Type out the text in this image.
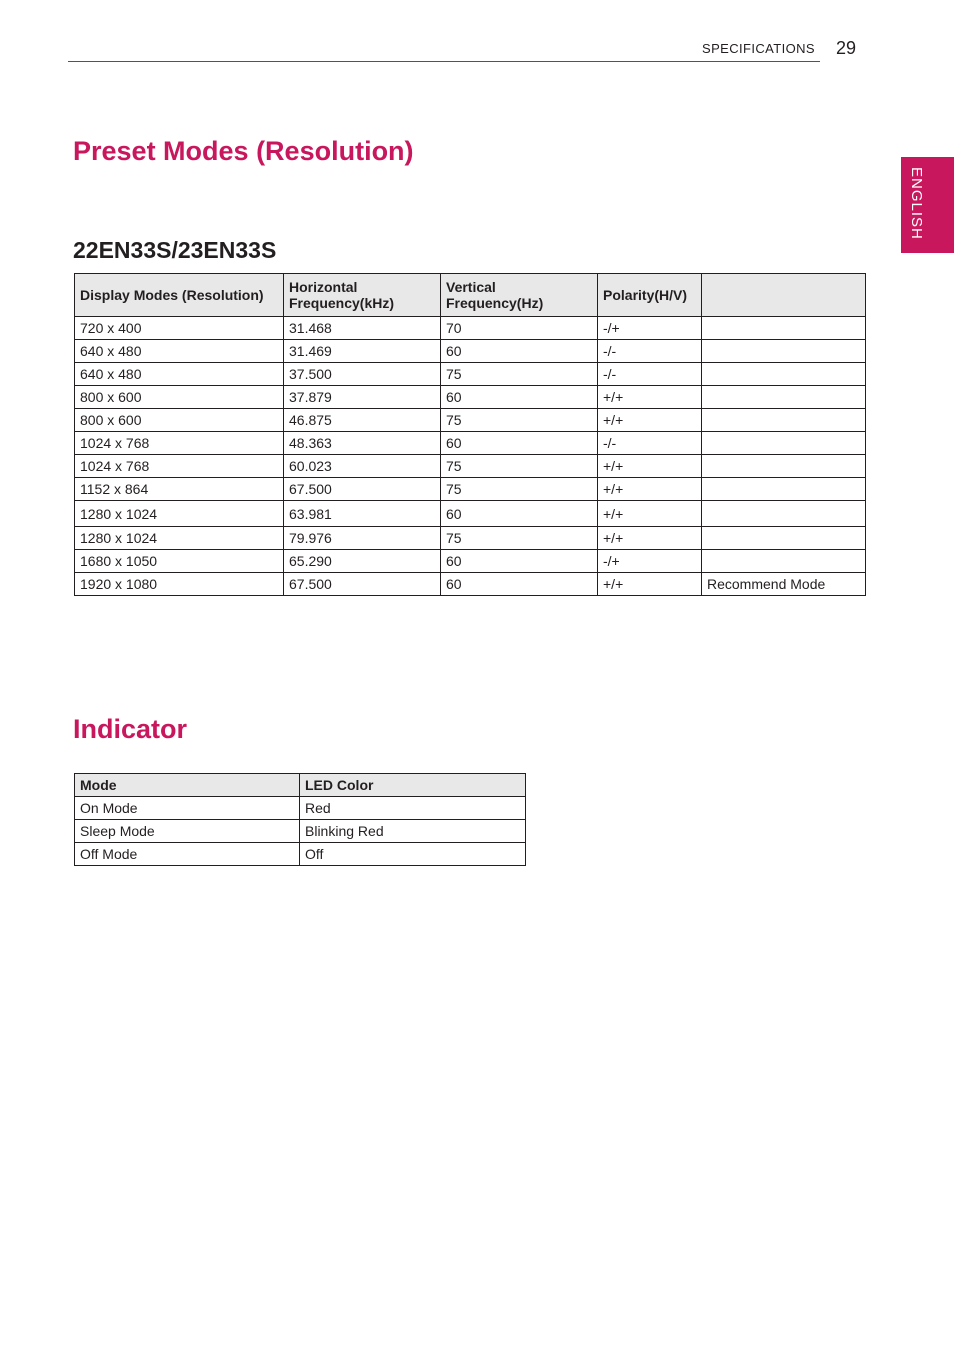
SPECIFICATIONS 29
ENGLISH
Preset Modes (Resolution)
22EN33S/23EN33S
Display Modes (Resolution)	Horizontal Frequency(kHz)	Vertical Frequency(Hz)	Polarity(H/V)	
720 x 400	31.468	70	-/+	
640 x 480	31.469	60	-/-	
640 x 480	37.500	75	-/-	
800 x 600	37.879	60	+/+	
800 x 600	46.875	75	+/+	
1024 x 768	48.363	60	-/-	
1024 x 768	60.023	75	+/+	
1152 x 864	67.500	75	+/+	
1280 x 1024	63.981	60	+/+	
1280 x 1024	79.976	75	+/+	
1680 x 1050	65.290	60	-/+	
1920 x 1080	67.500	60	+/+	Recommend Mode
Indicator
Mode	LED Color
On Mode	Red
Sleep Mode	Blinking Red
Off Mode	Off
